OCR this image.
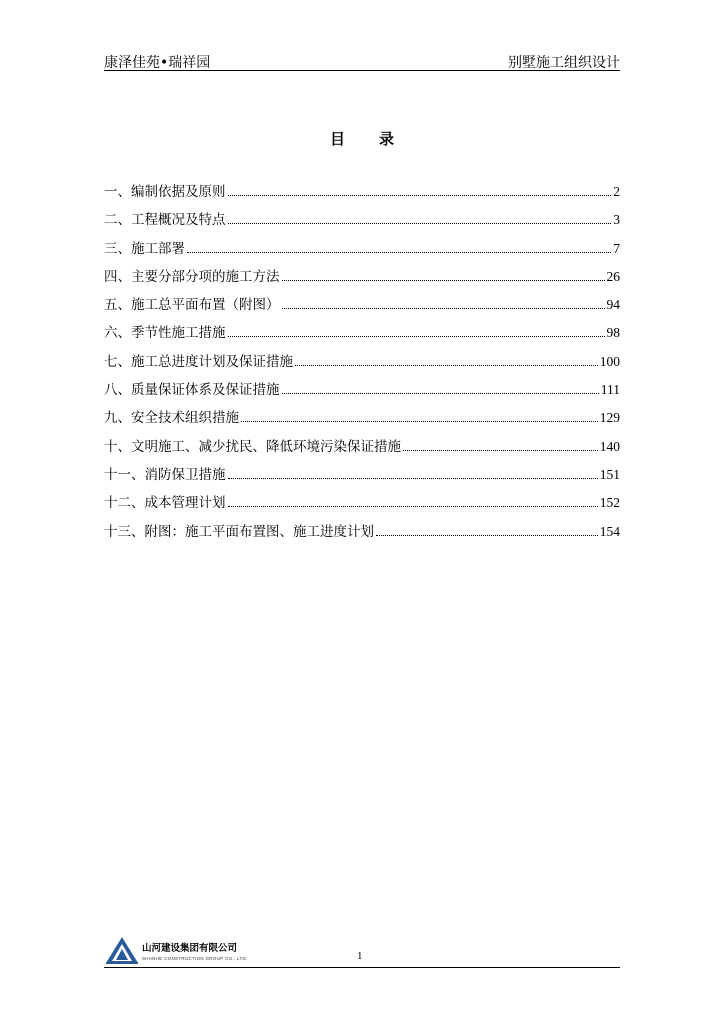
康泽佳苑•瑞祥园	别墅施工组织设计
目录
一、编制依据及原则	2
二、工程概况及特点	3
三、施工部署	7
四、主要分部分项的施工方法	26
五、施工总平面布置（附图）	94
六、季节性施工措施	98
七、施工总进度计划及保证措施	100
八、质量保证体系及保证措施	111
九、安全技术组织措施	129
十、文明施工、减少扰民、降低环境污染保证措施	140
十一、消防保卫措施	151
十二、成本管理计划	152
十三、附图：施工平面布置图、施工进度计划	154
山河建设集团有限公司
SHANHE CONSTRUCTION GROUP CO., LTD.	1
